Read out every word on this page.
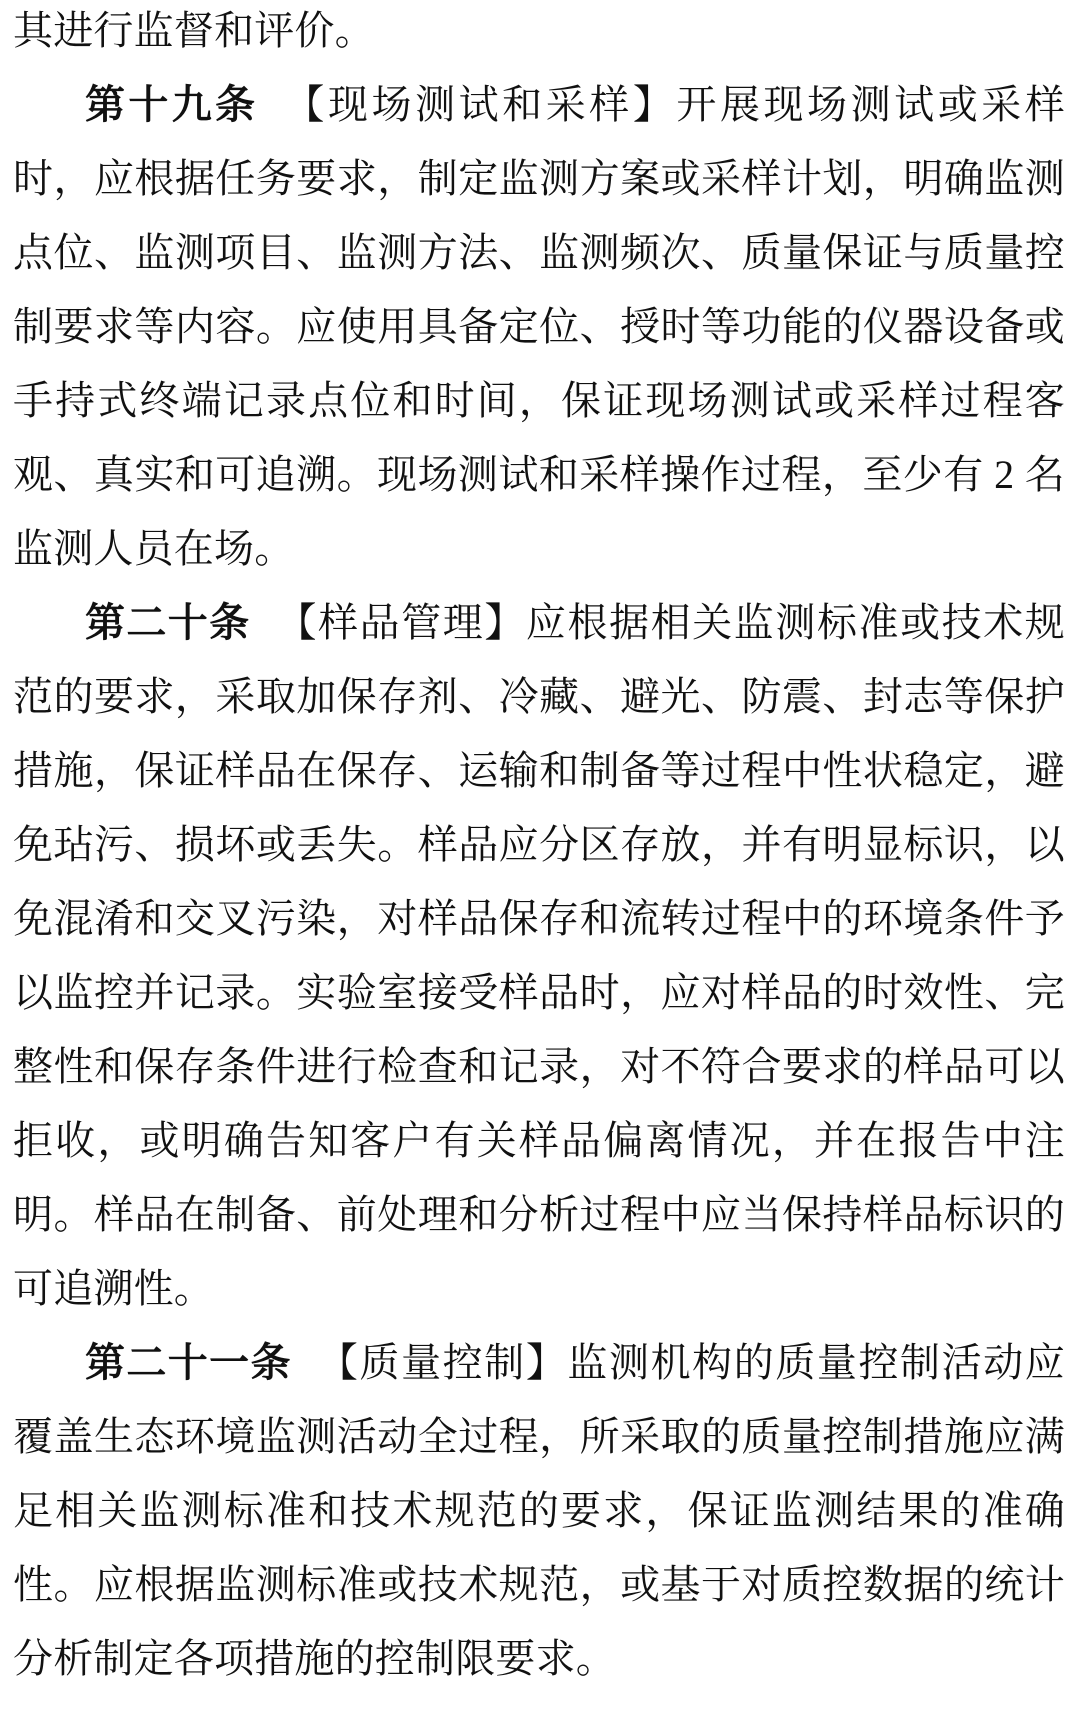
其进行监督和评价。

第十九条 【现场测试和采样】开展现场测试或采样时，应根据任务要求，制定监测方案或采样计划，明确监测点位、监测项目、监测方法、监测频次、质量保证与质量控制要求等内容。应使用具备定位、授时等功能的仪器设备或手持式终端记录点位和时间，保证现场测试或采样过程客观、真实和可追溯。现场测试和采样操作过程，至少有 2 名监测人员在场。

第二十条 【样品管理】应根据相关监测标准或技术规范的要求，采取加保存剂、冷藏、避光、防震、封志等保护措施，保证样品在保存、运输和制备等过程中性状稳定，避免玷污、损坏或丢失。样品应分区存放，并有明显标识，以免混淆和交叉污染，对样品保存和流转过程中的环境条件予以监控并记录。实验室接受样品时，应对样品的时效性、完整性和保存条件进行检查和记录，对不符合要求的样品可以拒收，或明确告知客户有关样品偏离情况，并在报告中注明。样品在制备、前处理和分析过程中应当保持样品标识的可追溯性。

第二十一条 【质量控制】监测机构的质量控制活动应覆盖生态环境监测活动全过程，所采取的质量控制措施应满足相关监测标准和技术规范的要求，保证监测结果的准确性。应根据监测标准或技术规范，或基于对质控数据的统计分析制定各项措施的控制限要求。
